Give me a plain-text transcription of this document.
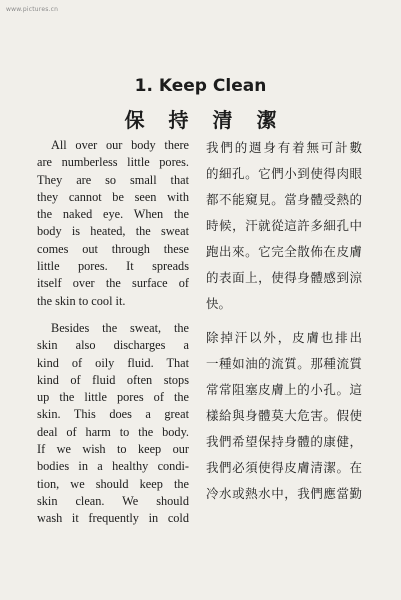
www.pictures.cn
1. Keep Clean
保持清潔
All over our body there
are numberless little pores.
They are so small that
they cannot be seen with
the naked eye. When the
body is heated, the sweat
comes out through these
little pores. It spreads
itself over the surface of
the skin to cool it.
Besides the sweat, the
skin also discharges a
kind of oily fluid. That
kind of fluid often stops
up the little pores of the
skin. This does a great
deal of harm to the body.
If we wish to keep our
bodies in a healthy condi-
tion, we should keep the
skin clean. We should
wash it frequently in cold
我們的週身有着無可計數
的細孔。它們小到使得肉眼
都不能窺見。當身體受熱的
時候，汗就從這許多細孔中
跑出來。它完全散佈在皮膚
的表面上，使得身體感到涼
快。
除掉汗以外，皮膚也排出
一種如油的流質。那種流質
常常阻塞皮膚上的小孔。這
樣給與身體莫大危害。假使
我們希望保持身體的康健，
我們必須使得皮膚清潔。在
冷水或熱水中，我們應當勤
